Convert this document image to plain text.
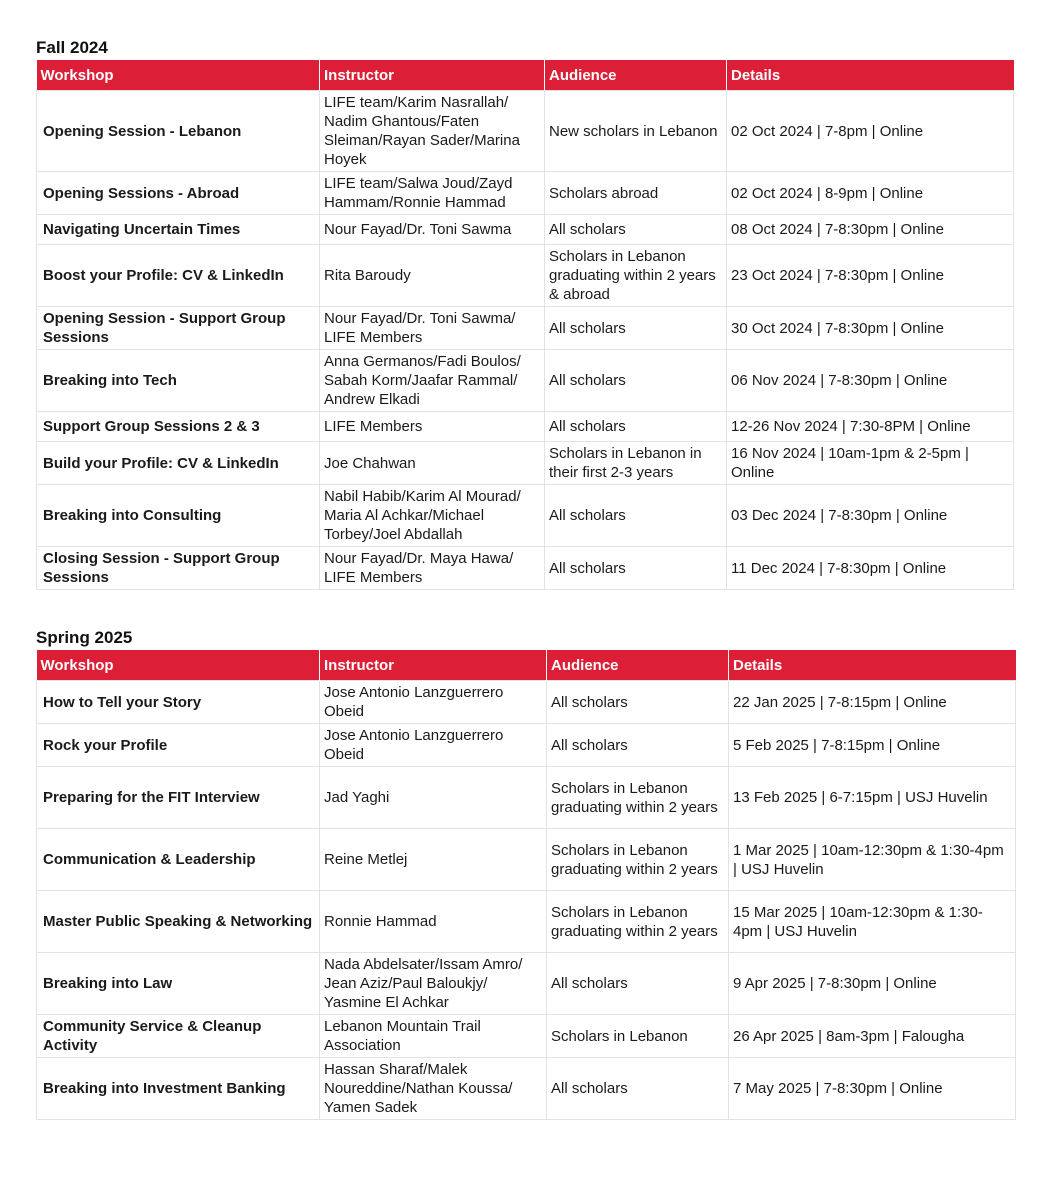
Fall 2024
Workshop	Instructor	Audience	Details
Opening Session - Lebanon	LIFE team/Karim Nasrallah/ Nadim Ghantous/Faten Sleiman/Rayan Sader/Marina Hoyek	New scholars in Lebanon	02 Oct 2024 | 7-8pm | Online
Opening Sessions - Abroad	LIFE team/Salwa Joud/Zayd Hammam/Ronnie Hammad	Scholars abroad	02 Oct 2024 | 8-9pm | Online
Navigating Uncertain Times	Nour Fayad/Dr. Toni Sawma	All scholars	08 Oct 2024 | 7-8:30pm | Online
Boost your Profile: CV & LinkedIn	Rita Baroudy	Scholars in Lebanon graduating within 2 years & abroad	23 Oct 2024 | 7-8:30pm | Online
Opening Session - Support Group Sessions	Nour Fayad/Dr. Toni Sawma/ LIFE Members	All scholars	30 Oct 2024 | 7-8:30pm | Online
Breaking into Tech	Anna Germanos/Fadi Boulos/ Sabah Korm/Jaafar Rammal/ Andrew Elkadi	All scholars	06 Nov 2024 | 7-8:30pm | Online
Support Group Sessions 2 & 3	LIFE Members	All scholars	12-26 Nov 2024 | 7:30-8PM | Online
Build your Profile: CV & LinkedIn	Joe Chahwan	Scholars in Lebanon in their first 2-3 years	16 Nov 2024 | 10am-1pm & 2-5pm | Online
Breaking into Consulting	Nabil Habib/Karim Al Mourad/ Maria Al Achkar/Michael Torbey/Joel Abdallah	All scholars	03 Dec 2024 | 7-8:30pm | Online
Closing Session - Support Group Sessions	Nour Fayad/Dr. Maya Hawa/ LIFE Members	All scholars	11 Dec 2024 | 7-8:30pm | Online
Spring 2025
Workshop	Instructor	Audience	Details
How to Tell your Story	Jose Antonio Lanzguerrero Obeid	All scholars	22 Jan 2025 | 7-8:15pm | Online
Rock your Profile	Jose Antonio Lanzguerrero Obeid	All scholars	5 Feb 2025 | 7-8:15pm | Online
Preparing for the FIT Interview	Jad Yaghi	Scholars in Lebanon graduating within 2 years	13 Feb 2025 | 6-7:15pm | USJ Huvelin
Communication & Leadership	Reine Metlej	Scholars in Lebanon graduating within 2 years	1 Mar 2025 | 10am-12:30pm & 1:30-4pm | USJ Huvelin
Master Public Speaking & Networking	Ronnie Hammad	Scholars in Lebanon graduating within 2 years	15 Mar 2025 | 10am-12:30pm & 1:30-4pm | USJ Huvelin
Breaking into Law	Nada Abdelsater/Issam Amro/ Jean Aziz/Paul Baloukjy/ Yasmine El Achkar	All scholars	9 Apr 2025 | 7-8:30pm | Online
Community Service & Cleanup Activity	Lebanon Mountain Trail Association	Scholars in Lebanon	26 Apr 2025 | 8am-3pm | Falougha
Breaking into Investment Banking	Hassan Sharaf/Malek Noureddine/Nathan Koussa/ Yamen Sadek	All scholars	7 May 2025 | 7-8:30pm | Online
